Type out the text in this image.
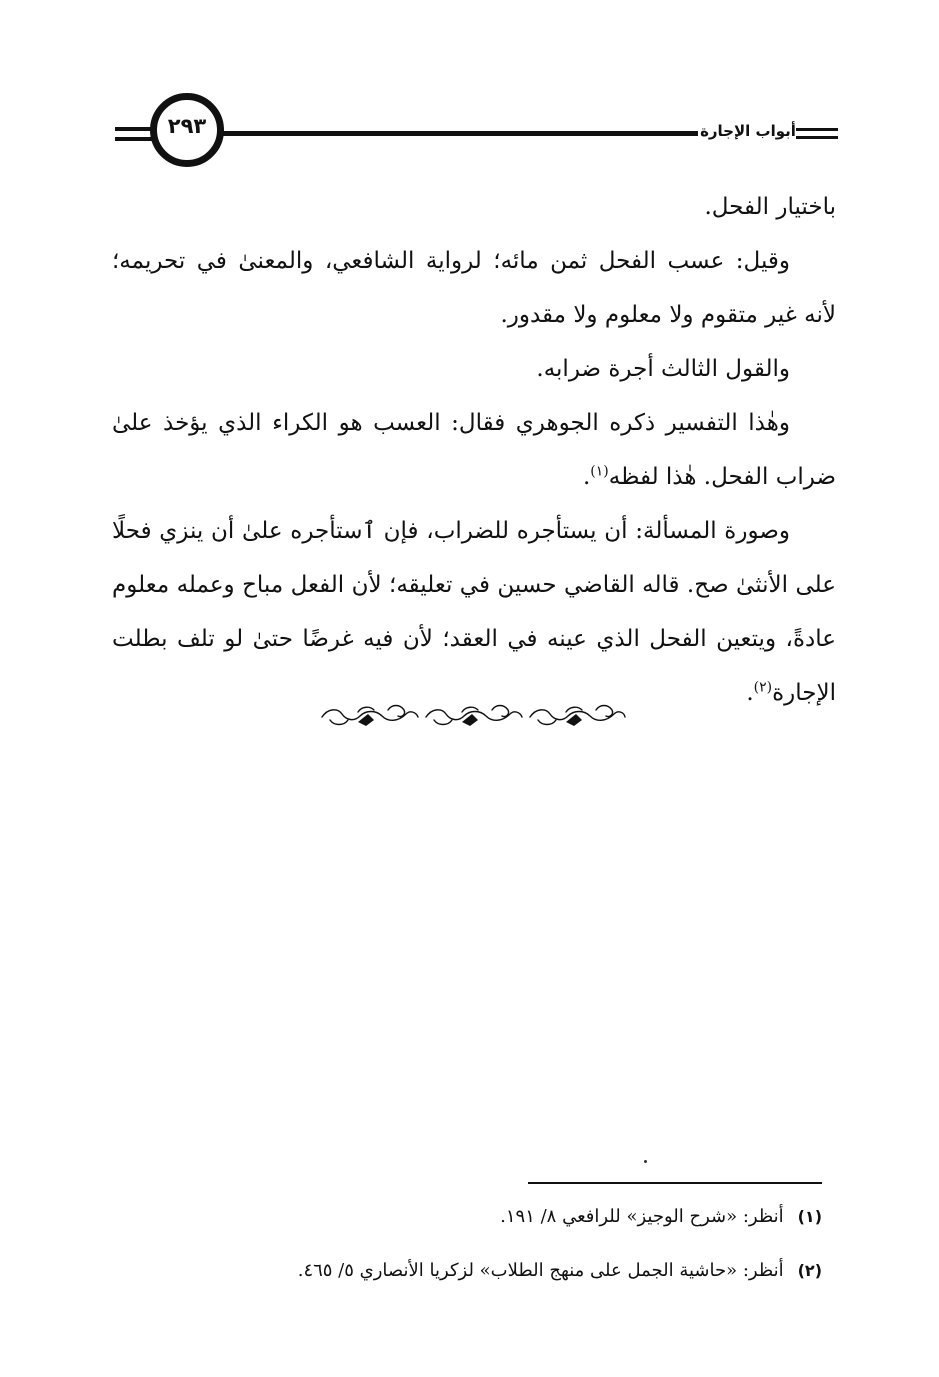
٢٩٣	أبواب الإجارة

باختيار الفحل.

وقيل: عسب الفحل ثمن مائه؛ لرواية الشافعي، والمعنىٰ في تحريمه؛ لأنه غير متقوم ولا معلوم ولا مقدور.

والقول الثالث أجرة ضرابه.

وهٰذا التفسير ذكره الجوهري فقال: العسب هو الكراء الذي يؤخذ علىٰ ضراب الفحل. هٰذا لفظه$^{(١)}$.

وصورة المسألة: أن يستأجره للضراب، فإن ٱستأجره علىٰ أن ينزي فحلًا على الأنثىٰ صح. قاله القاضي حسين في تعليقه؛ لأن الفعل مباح وعمله معلوم عادةً، ويتعين الفحل الذي عينه في العقد؛ لأن فيه غرضًا حتىٰ لو تلف بطلت الإجارة$^{(٢)}$.

(١)أنظر: «شرح الوجيز» للرافعي ٨/ ١٩١.
(٢)أنظر: «حاشية الجمل على منهج الطلاب» لزكريا الأنصاري ٥/ ٤٦٥.
